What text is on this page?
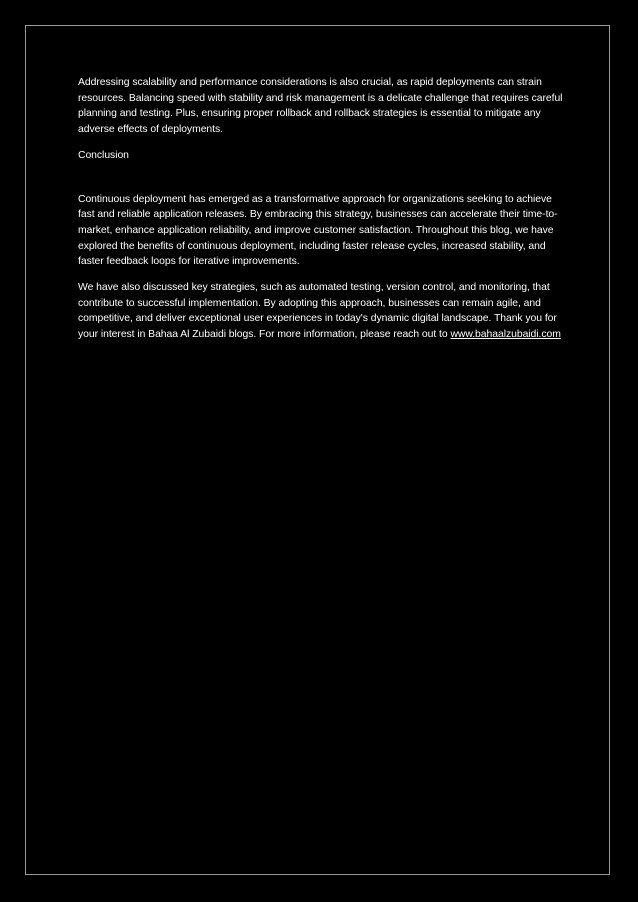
Addressing scalability and performance considerations is also crucial, as rapid deployments can strain resources. Balancing speed with stability and risk management is a delicate challenge that requires careful planning and testing. Plus, ensuring proper rollback and rollback strategies is essential to mitigate any adverse effects of deployments.

Conclusion

Continuous deployment has emerged as a transformative approach for organizations seeking to achieve fast and reliable application releases. By embracing this strategy, businesses can accelerate their time-to-market, enhance application reliability, and improve customer satisfaction. Throughout this blog, we have explored the benefits of continuous deployment, including faster release cycles, increased stability, and faster feedback loops for iterative improvements.

We have also discussed key strategies, such as automated testing, version control, and monitoring, that contribute to successful implementation. By adopting this approach, businesses can remain agile, and competitive, and deliver exceptional user experiences in today's dynamic digital landscape. Thank you for your interest in Bahaa Al Zubaidi blogs. For more information, please reach out to www.bahaalzubaidi.com
